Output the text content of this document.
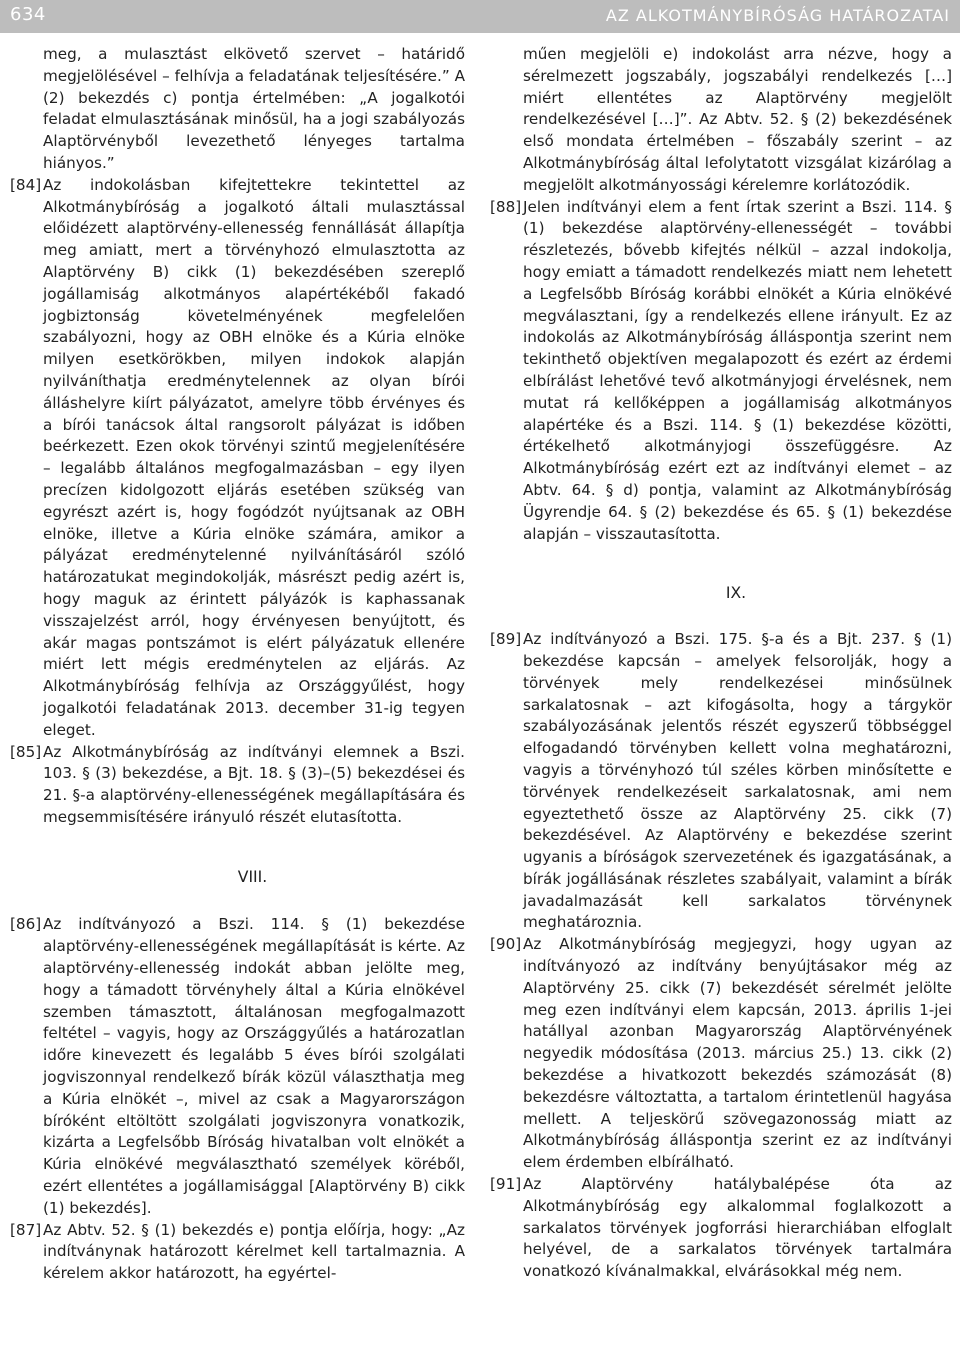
634	AZ ALKOTMÁNYBÍRÓSÁG HATÁROZATAI

meg, a mulasztást elkövető szervet – határidő megjelölésével – felhívja a feladatának teljesítésére.” A (2) bekezdés c) pontja értelmében: „A jogalkotói feladat elmulasztásának minősül, ha a jogi szabályozás Alaptörvényből levezethető lényeges tartalma hiányos.”

[84] Az indokolásban kifejtettekre tekintettel az Alkotmánybíróság a jogalkotó általi mulasztással előidézett alaptörvény-ellenesség fennállását állapítja meg amiatt, mert a törvényhozó elmulasztotta az Alaptörvény B) cikk (1) bekezdésében szereplő jogállamiság alkotmányos alapértékéből fakadó jogbiztonság követelményének megfelelően szabályozni, hogy az OBH elnöke és a Kúria elnöke milyen esetkörökben, milyen indokok alapján nyilváníthatja eredménytelennek az olyan bírói álláshelyre kiírt pályázatot, amelyre több érvényes és a bírói tanácsok által rangsorolt pályázat is időben beérkezett. Ezen okok törvényi szintű megjelenítésére – legalább általános megfogalmazásban – egy ilyen precízen kidolgozott eljárás esetében szükség van egyrészt azért is, hogy fogódzót nyújtsanak az OBH elnöke, illetve a Kúria elnöke számára, amikor a pályázat eredménytelenné nyilvánításáról szóló határozatukat megindokolják, másrészt pedig azért is, hogy maguk az érintett pályázók is kaphassanak visszajelzést arról, hogy érvényesen benyújtott, és akár magas pontszámot is elért pályázatuk ellenére miért lett mégis eredménytelen az eljárás. Az Alkotmánybíróság felhívja az Országgyűlést, hogy jogalkotói feladatának 2013. december 31-ig tegyen eleget.
[85] Az Alkotmánybíróság az indítványi elemnek a Bszi. 103. § (3) bekezdése, a Bjt. 18. § (3)–(5) bekezdései és 21. §-a alaptörvény-ellenességének megállapítására és megsemmisítésére irányuló részét elutasította.

VIII.

[86] Az indítványozó a Bszi. 114. § (1) bekezdése alaptörvény-ellenességének megállapítását is kérte. Az alaptörvény-ellenesség indokát abban jelölte meg, hogy a támadott törvényhely által a Kúria elnökével szemben támasztott, általánosan megfogalmazott feltétel – vagyis, hogy az Országgyűlés a határozatlan időre kinevezett és legalább 5 éves bírói szolgálati jogviszonnyal rendelkező bírák közül választhatja meg a Kúria elnökét –, mivel az csak a Magyarországon bíróként eltöltött szolgálati jogviszonyra vonatkozik, kizárta a Legfelsőbb Bíróság hivatalban volt elnökét a Kúria elnökévé megválasztható személyek köréből, ezért ellentétes a jogállamisággal [Alaptörvény B) cikk (1) bekezdés].
[87] Az Abtv. 52. § (1) bekezdés e) pontja előírja, hogy: „Az indítványnak határozott kérelmet kell tartalmaznia. A kérelem akkor határozott, ha egyértel-

műen megjelöli e) indokolást arra nézve, hogy a sérelmezett jogszabály, jogszabályi rendelkezés […] miért ellentétes az Alaptörvény megjelölt rendelkezésével […]”. Az Abtv. 52. § (2) bekezdésének első mondata értelmében – főszabály szerint – az Alkotmánybíróság által lefolytatott vizsgálat kizárólag a megjelölt alkotmányossági kérelemre korlátozódik.

[88] Jelen indítványi elem a fent írtak szerint a Bszi. 114. § (1) bekezdése alaptörvény-ellenességét – további részletezés, bővebb kifejtés nélkül – azzal indokolja, hogy emiatt a támadott rendelkezés miatt nem lehetett a Legfelsőbb Bíróság korábbi elnökét a Kúria elnökévé megválasztani, így a rendelkezés ellene irányult. Ez az indokolás az Alkotmánybíróság álláspontja szerint nem tekinthető objektíven megalapozott és ezért az érdemi elbírálást lehetővé tevő alkotmányjogi érvelésnek, nem mutat rá kellőképpen a jogállamiság alkotmányos alapértéke és a Bszi. 114. § (1) bekezdése közötti, értékelhető alkotmányjogi összefüggésre. Az Alkotmánybíróság ezért ezt az indítványi elemet – az Abtv. 64. § d) pontja, valamint az Alkotmánybíróság Ügyrendje 64. § (2) bekezdése és 65. § (1) bekezdése alapján – visszautasította.

IX.

[89] Az indítványozó a Bszi. 175. §-a és a Bjt. 237. § (1) bekezdése kapcsán – amelyek felsorolják, hogy a törvények mely rendelkezései minősülnek sarkalatosnak – azt kifogásolta, hogy a tárgykör szabályozásának jelentős részét egyszerű többséggel elfogadandó törvényben kellett volna meghatározni, vagyis a törvényhozó túl széles körben minősítette e törvények rendelkezéseit sarkalatosnak, ami nem egyeztethető össze az Alaptörvény 25. cikk (7) bekezdésével. Az Alaptörvény e bekezdése szerint ugyanis a bíróságok szervezetének és igazgatásának, a bírák jogállásának részletes szabályait, valamint a bírák javadalmazását kell sarkalatos törvénynek meghatároznia.
[90] Az Alkotmánybíróság megjegyzi, hogy ugyan az indítványozó az indítvány benyújtásakor még az Alaptörvény 25. cikk (7) bekezdését sérelmét jelölte meg ezen indítványi elem kapcsán, 2013. április 1-jei hatállyal azonban Magyarország Alaptörvényének negyedik módosítása (2013. március 25.) 13. cikk (2) bekezdése a hivatkozott bekezdés számozását (8) bekezdésre változtatta, a tartalom érintetlenül hagyása mellett. A teljeskörű szövegazonosság miatt az Alkotmánybíróság álláspontja szerint ez az indítványi elem érdemben elbírálható.
[91] Az Alaptörvény hatálybalépése óta az Alkotmánybíróság egy alkalommal foglalkozott a sarkalatos törvények jogforrási hierarchiában elfoglalt helyével, de a sarkalatos törvények tartalmára vonatkozó kívánalmakkal, elvárásokkal még nem.
